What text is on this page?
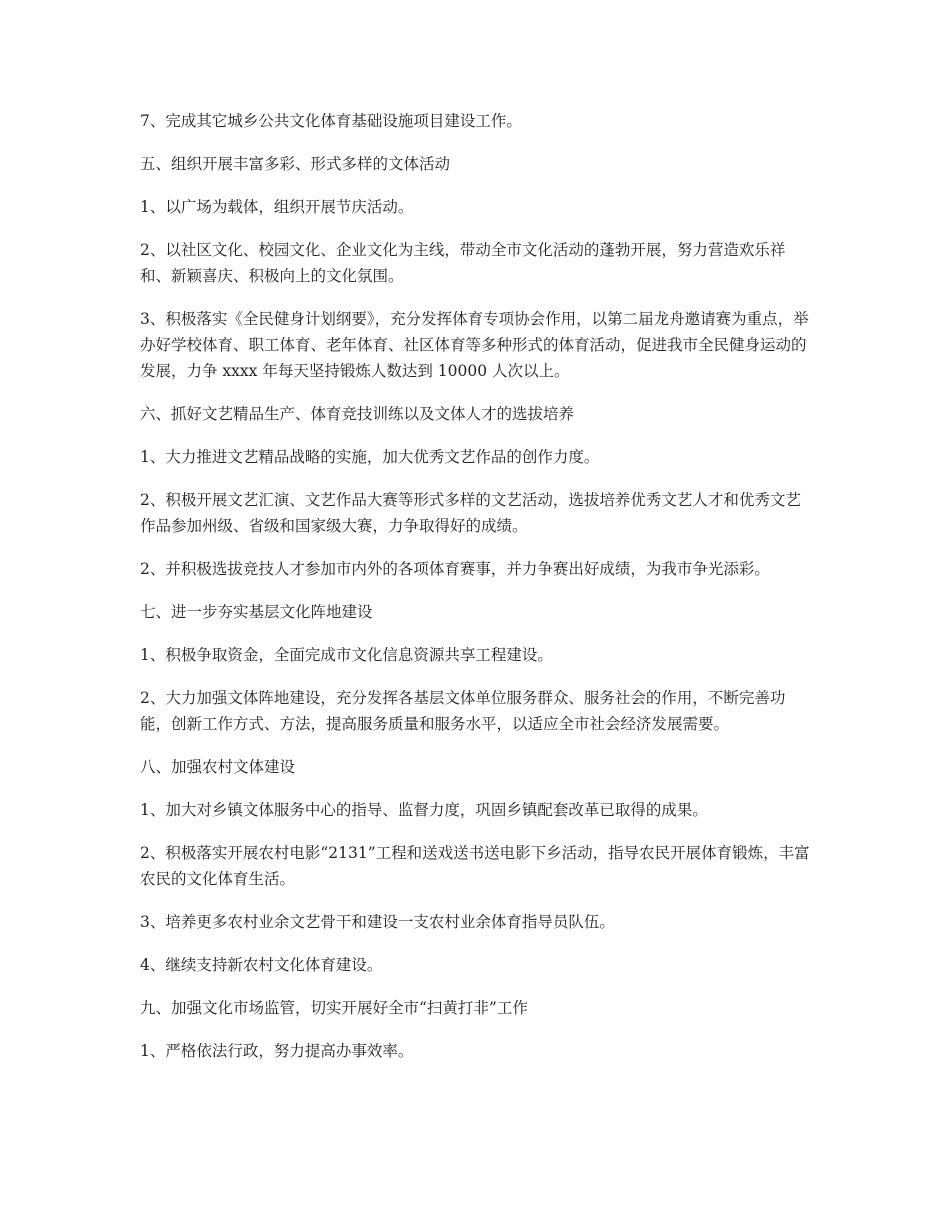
7、完成其它城乡公共文化体育基础设施项目建设工作。

五、组织开展丰富多彩、形式多样的文体活动

1、以广场为载体，组织开展节庆活动。

2、以社区文化、校园文化、企业文化为主线，带动全市文化活动的蓬勃开展，努力营造欢乐祥和、新颖喜庆、积极向上的文化氛围。

3、积极落实《全民健身计划纲要》，充分发挥体育专项协会作用，以第二届龙舟邀请赛为重点，举办好学校体育、职工体育、老年体育、社区体育等多种形式的体育活动，促进我市全民健身运动的发展，力争 xxxx 年每天坚持锻炼人数达到 10000 人次以上。

六、抓好文艺精品生产、体育竞技训练以及文体人才的选拔培养

1、大力推进文艺精品战略的实施，加大优秀文艺作品的创作力度。

2、积极开展文艺汇演、文艺作品大赛等形式多样的文艺活动，选拔培养优秀文艺人才和优秀文艺作品参加州级、省级和国家级大赛，力争取得好的成绩。

2、并积极选拔竞技人才参加市内外的各项体育赛事，并力争赛出好成绩，为我市争光添彩。

七、进一步夯实基层文化阵地建设

1、积极争取资金，全面完成市文化信息资源共享工程建设。

2、大力加强文体阵地建设，充分发挥各基层文体单位服务群众、服务社会的作用，不断完善功能，创新工作方式、方法，提高服务质量和服务水平，以适应全市社会经济发展需要。

八、加强农村文体建设

1、加大对乡镇文体服务中心的指导、监督力度，巩固乡镇配套改革已取得的成果。

2、积极落实开展农村电影“2131”工程和送戏送书送电影下乡活动，指导农民开展体育锻炼，丰富农民的文化体育生活。

3、培养更多农村业余文艺骨干和建设一支农村业余体育指导员队伍。

4、继续支持新农村文化体育建设。

九、加强文化市场监管，切实开展好全市“扫黄打非”工作

1、严格依法行政，努力提高办事效率。
